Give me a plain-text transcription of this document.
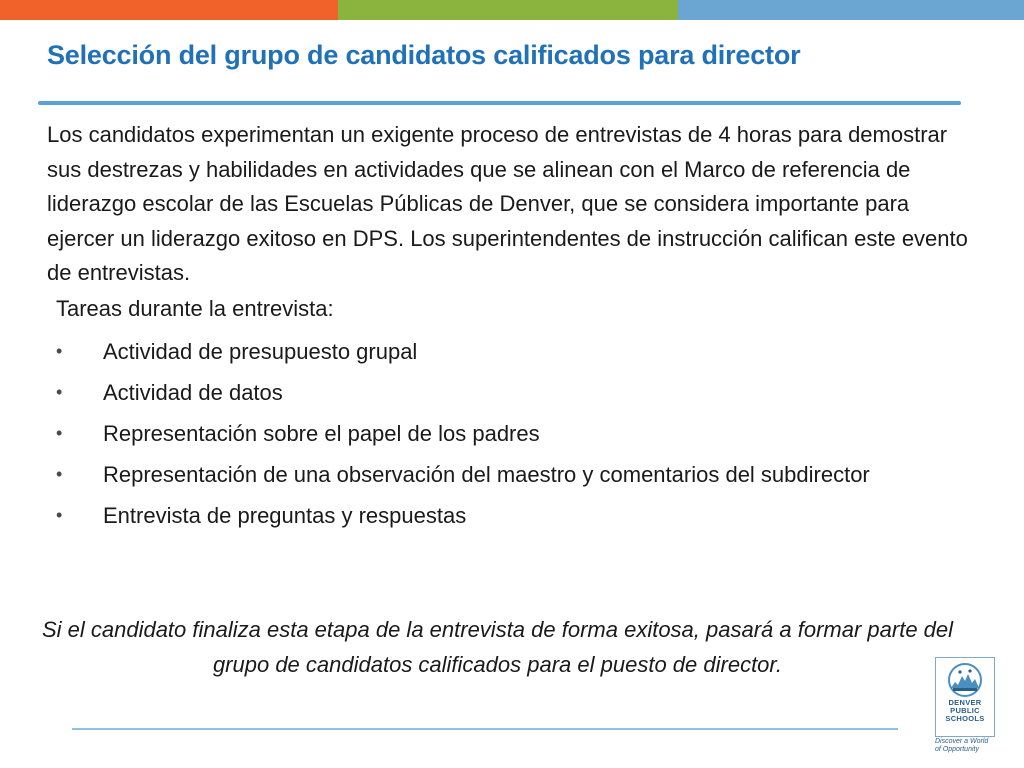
Selección del grupo de candidatos calificados para director

Los candidatos experimentan un exigente proceso de entrevistas de 4 horas para demostrar sus destrezas y habilidades en actividades que se alinean con el Marco de referencia de liderazgo escolar de las Escuelas Públicas de Denver, que se considera importante para ejercer un liderazgo exitoso en DPS. Los superintendentes de instrucción califican este evento de entrevistas.

Tareas durante la entrevista:

•	Actividad de presupuesto grupal
•	Actividad de datos
•	Representación sobre el papel de los padres
•	Representación de una observación del maestro y comentarios del subdirector
•	Entrevista de preguntas y respuestas

Si el candidato finaliza esta etapa de la entrevista de forma exitosa, pasará a formar parte del grupo de candidatos calificados para el puesto de director.

DENVER
PUBLIC
SCHOOLS
Discover a World
of Opportunity
